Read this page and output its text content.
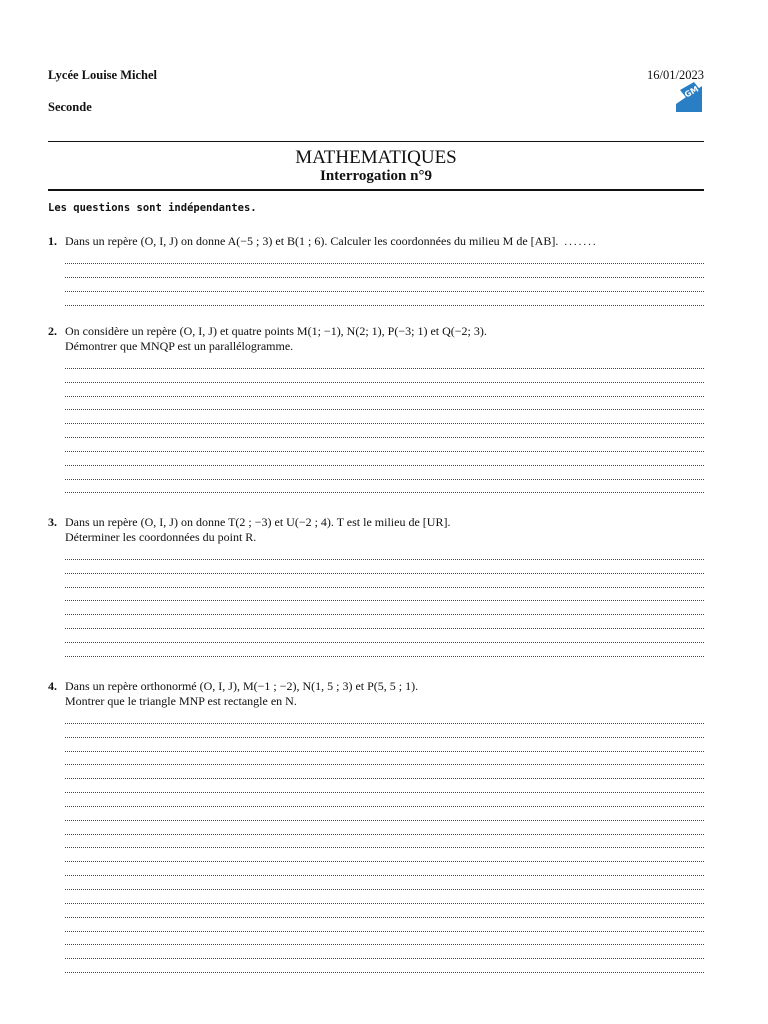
Lycée Louise Michel
Seconde
16/01/2023
GM
MATHEMATIQUES
Interrogation n°9
Les questions sont indépendantes.
1. Dans un repère (O, I, J) on donne A(−5 ; 3) et B(1 ; 6). Calculer les coordonnées du milieu M de [AB]. .......
2. On considère un repère (O, I, J) et quatre points M(1; −1), N(2; 1), P(−3; 1) et Q(−2; 3).
Démontrer que MNQP est un parallélogramme.
3. Dans un repère (O, I, J) on donne T(2 ; −3) et U(−2 ; 4). T est le milieu de [UR].
Déterminer les coordonnées du point R.
4. Dans un repère orthonormé (O, I, J), M(−1 ; −2), N(1, 5 ; 3) et P(5, 5 ; 1).
Montrer que le triangle MNP est rectangle en N.
